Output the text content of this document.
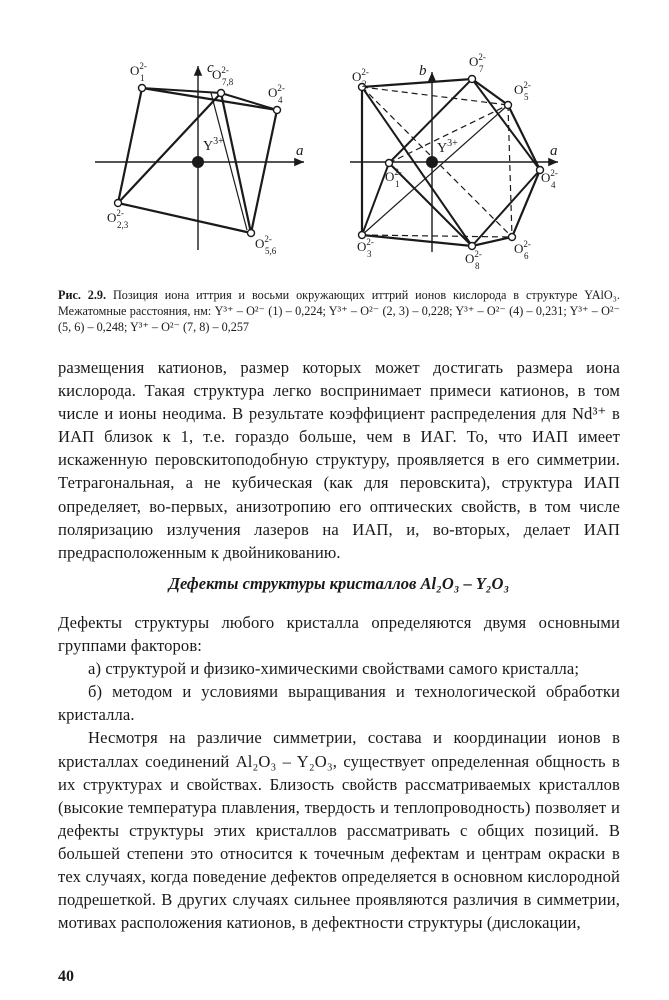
c
a
$Y^{3+}$
$O^{2-}1$	$O^{2-}7,8$
$O^{2-}4$
$O^{2-}2,3$
$O^{2-}5,6$
b
a
$Y^{3+}$
$O^{2-}2$
$O^{2-}7$
$O^{2-}5$
$O^{2-}1$	$O^{2-}4$
$O^{2-}3$	$O^{2-}8$
$O^{2-}6$
Рис. 2.9. Позиция иона иттрия и восьми окружающих иттрий ионов кислорода в структуре YAlO₃. Межатомные расстояния, нм: Y³⁺ – O²⁻ (1) – 0,224; Y³⁺ – O²⁻ (2, 3) – 0,228; Y³⁺ – O²⁻ (4) – 0,231; Y³⁺ – O²⁻ (5, 6) – 0,248; Y³⁺ – O²⁻ (7, 8) – 0,257

размещения катионов, размер которых может достигать размера иона кислорода. Такая структура легко воспринимает примеси катионов, в том числе и ионы неодима. В результате коэффициент распределения для Nd³⁺ в ИАП близок к 1, т.е. гораздо больше, чем в ИАГ. То, что ИАП имеет искаженную перовскитоподобную структуру, проявляется в его симметрии. Тетрагональная, а не кубическая (как для перовскита), структура ИАП определяет, во-первых, анизотропию его оптических свойств, в том числе поляризацию излучения лазеров на ИАП, и, во-вторых, делает ИАП предрасположенным к двойникованию.

Дефекты структуры кристаллов Al₂O₃ – Y₂O₃

Дефекты структуры любого кристалла определяются двумя основными группами факторов:

а) структурой и физико-химическими свойствами самого кристалла;

б) методом и условиями выращивания и технологической обработки кристалла.

Несмотря на различие симметрии, состава и координации ионов в кристаллах соединений Al₂O₃ – Y₂O₃, существует определенная общность в их структурах и свойствах. Близость свойств рассматриваемых кристаллов (высокие температура плавления, твердость и теплопроводность) позволяет и дефекты структуры этих кристаллов рассматривать с общих позиций. В большей степени это относится к точечным дефектам и центрам окраски в тех случаях, когда поведение дефектов определяется в основном кислородной подрешеткой. В других случаях сильнее проявляются различия в симметрии, мотивах расположения катионов, в дефектности структуры (дислокации,

40
